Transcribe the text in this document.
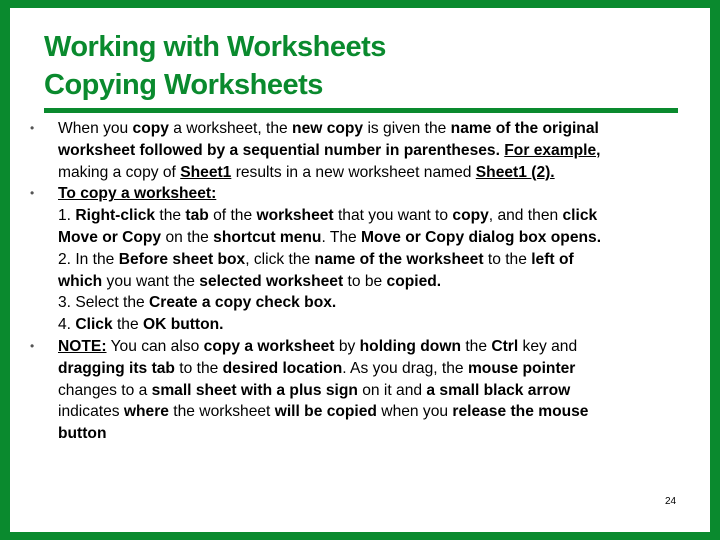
Working with Worksheets
Copying Worksheets
• When you copy a worksheet, the new copy is given the name of the original
worksheet followed by a sequential number in parentheses. For example,
making a copy of Sheet1 results in a new worksheet named Sheet1 (2).
• To copy a worksheet:
1. Right-click the tab of the worksheet that you want to copy, and then click
Move or Copy on the shortcut menu. The Move or Copy dialog box opens.
2. In the Before sheet box, click the name of the worksheet to the left of
which you want the selected worksheet to be copied.
3. Select the Create a copy check box.
4. Click the OK button.
• NOTE: You can also copy a worksheet by holding down the Ctrl key and
dragging its tab to the desired location. As you drag, the mouse pointer
changes to a small sheet with a plus sign on it and a small black arrow
indicates where the worksheet will be copied when you release the mouse
button
24
